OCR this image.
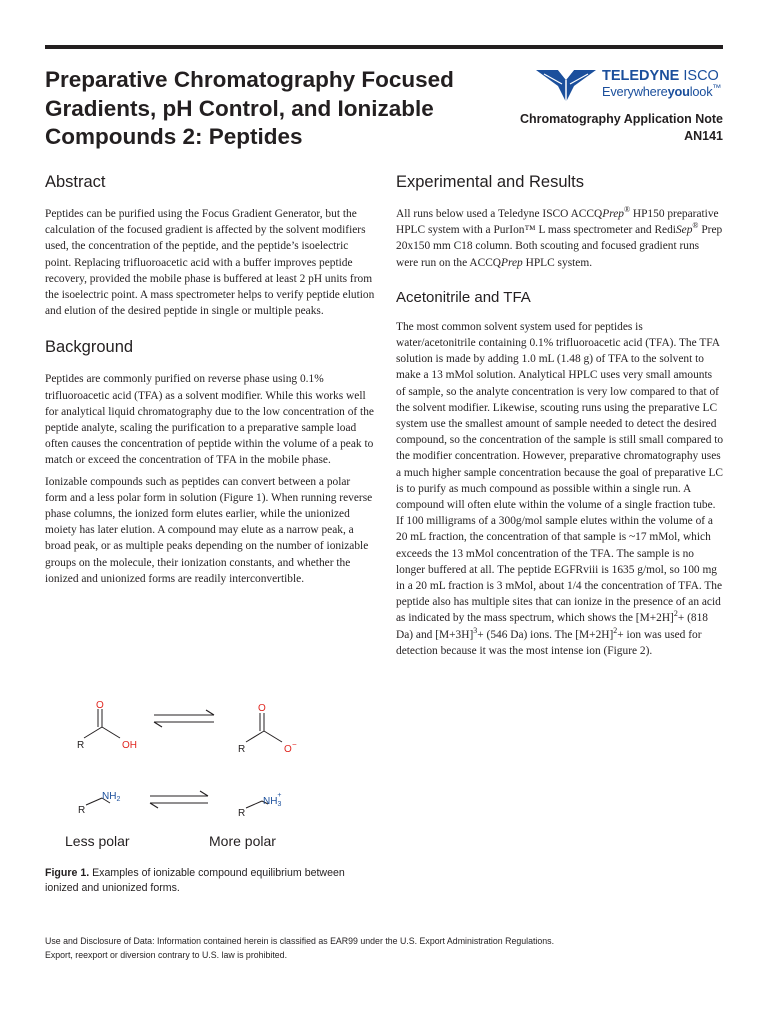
Preparative Chromatography Focused Gradients, pH Control, and Ionizable Compounds 2: Peptides
TELEDYNE ISCO
Everywhereyoulook™
Chromatography Application Note
AN141
Abstract

Peptides can be purified using the Focus Gradient Generator, but the calculation of the focused gradient is affected by the solvent modifiers used, the concentration of the peptide, and the peptide’s isoelectric point. Replacing trifluoroacetic acid with a buffer improves peptide recovery, provided the mobile phase is buffered at least 2 pH units from the isoelectric point. A mass spectrometer helps to verify peptide elution and elution of the desired peptide in single or multiple peaks.

Background

Peptides are commonly purified on reverse phase using 0.1% trifluoroacetic acid (TFA) as a solvent modifier. While this works well for analytical liquid chromatography due to the low concentration of the peptide analyte, scaling the purification to a preparative sample load often causes the concentration of peptide within the volume of a peak to match or exceed the concentration of TFA in the mobile phase.

Ionizable compounds such as peptides can convert between a polar form and a less polar form in solution (Figure 1). When running reverse phase columns, the ionized form elutes earlier, while the unionized moiety has later elution. A compound may elute as a narrow peak, a broad peak, or as multiple peaks depending on the number of ionizable groups on the molecule, their ionization constants, and whether the ionized and unionized forms are readily interconvertible.

R
O
OH	R
O
O −
R
$NH_2$
R
$NH_3+$
Less polar	More polar

Figure 1. Examples of ionizable compound equilibrium between ionized and unionized forms.

Experimental and Results

All runs below used a Teledyne ISCO ACCQPrep® HP150 preparative HPLC system with a PurIon™ L mass spectrometer and RediSep® Prep 20x150 mm C18 column. Both scouting and focused gradient runs were run on the ACCQPrep HPLC system.

Acetonitrile and TFA

The most common solvent system used for peptides is water/acetonitrile containing 0.1% trifluoroacetic acid (TFA). The TFA solution is made by adding 1.0 mL (1.48 g) of TFA to the solvent to make a 13 mMol solution. Analytical HPLC uses very small amounts of sample, so the analyte concentration is very low compared to that of the solvent modifier. Likewise, scouting runs using the preparative LC system use the smallest amount of sample needed to detect the desired compound, so the concentration of the sample is still small compared to the modifier concentration. However, preparative chromatography uses a much higher sample concentration because the goal of preparative LC is to purify as much compound as possible within a single run. A compound will often elute within the volume of a single fraction tube. If 100 milligrams of a 300g/mol sample elutes within the volume of a 20 mL fraction, the concentration of that sample is ~17 mMol, which exceeds the 13 mMol concentration of the TFA. The sample is no longer buffered at all. The peptide EGFRviii is 1635 g/mol, so 100 mg in a 20 mL fraction is 3 mMol, about 1/4 the concentration of TFA. The peptide also has multiple sites that can ionize in the presence of an acid as indicated by the mass spectrum, which shows the $[M+2H]^2+ (818$ Da) and $[M+3H]^3+ (546$ Da) ions. The $[M+2H]^2+$ ion was used for detection because it was the most intense ion (Figure 2).

Use and Disclosure of Data: Information contained herein is classified as EAR99 under the U.S. Export Administration Regulations.
Export, reexport or diversion contrary to U.S. law is prohibited.
